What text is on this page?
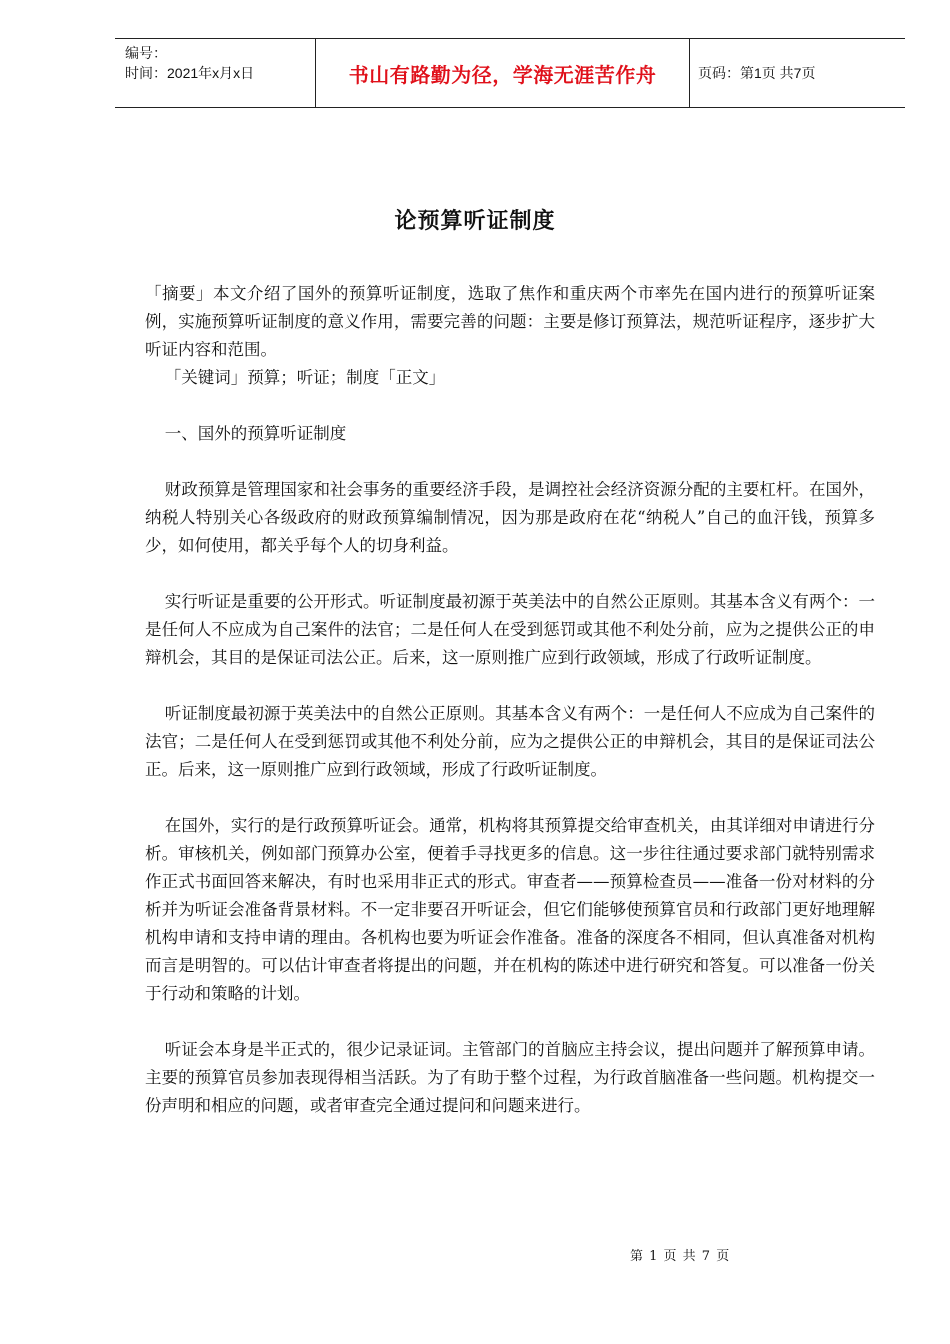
编号：
时间：2021年x月x日	书山有路勤为径，学海无涯苦作舟	页码：第1页 共7页
论预算听证制度

「摘要」本文介绍了国外的预算听证制度，选取了焦作和重庆两个市率先在国内进行的预算听证案例，实施预算听证制度的意义作用，需要完善的问题：主要是修订预算法，规范听证程序，逐步扩大听证内容和范围。

「关键词」预算；听证；制度「正文」

一、国外的预算听证制度

财政预算是管理国家和社会事务的重要经济手段，是调控社会经济资源分配的主要杠杆。在国外，纳税人特别关心各级政府的财政预算编制情况，因为那是政府在花“纳税人”自己的血汗钱，预算多少，如何使用，都关乎每个人的切身利益。

实行听证是重要的公开形式。听证制度最初源于英美法中的自然公正原则。其基本含义有两个：一是任何人不应成为自己案件的法官；二是任何人在受到惩罚或其他不利处分前，应为之提供公正的申辩机会，其目的是保证司法公正。后来，这一原则推广应到行政领域，形成了行政听证制度。

听证制度最初源于英美法中的自然公正原则。其基本含义有两个：一是任何人不应成为自己案件的法官；二是任何人在受到惩罚或其他不利处分前，应为之提供公正的申辩机会，其目的是保证司法公正。后来，这一原则推广应到行政领域，形成了行政听证制度。

在国外，实行的是行政预算听证会。通常，机构将其预算提交给审查机关，由其详细对申请进行分析。审核机关，例如部门预算办公室，便着手寻找更多的信息。这一步往往通过要求部门就特别需求作正式书面回答来解决，有时也采用非正式的形式。审查者——预算检查员——准备一份对材料的分析并为听证会准备背景材料。不一定非要召开听证会，但它们能够使预算官员和行政部门更好地理解机构申请和支持申请的理由。各机构也要为听证会作准备。准备的深度各不相同，但认真准备对机构而言是明智的。可以估计审查者将提出的问题，并在机构的陈述中进行研究和答复。可以准备一份关于行动和策略的计划。

听证会本身是半正式的，很少记录证词。主管部门的首脑应主持会议，提出问题并了解预算申请。主要的预算官员参加表现得相当活跃。为了有助于整个过程，为行政首脑准备一些问题。机构提交一份声明和相应的问题，或者审查完全通过提问和问题来进行。

第 1 页 共 7 页
